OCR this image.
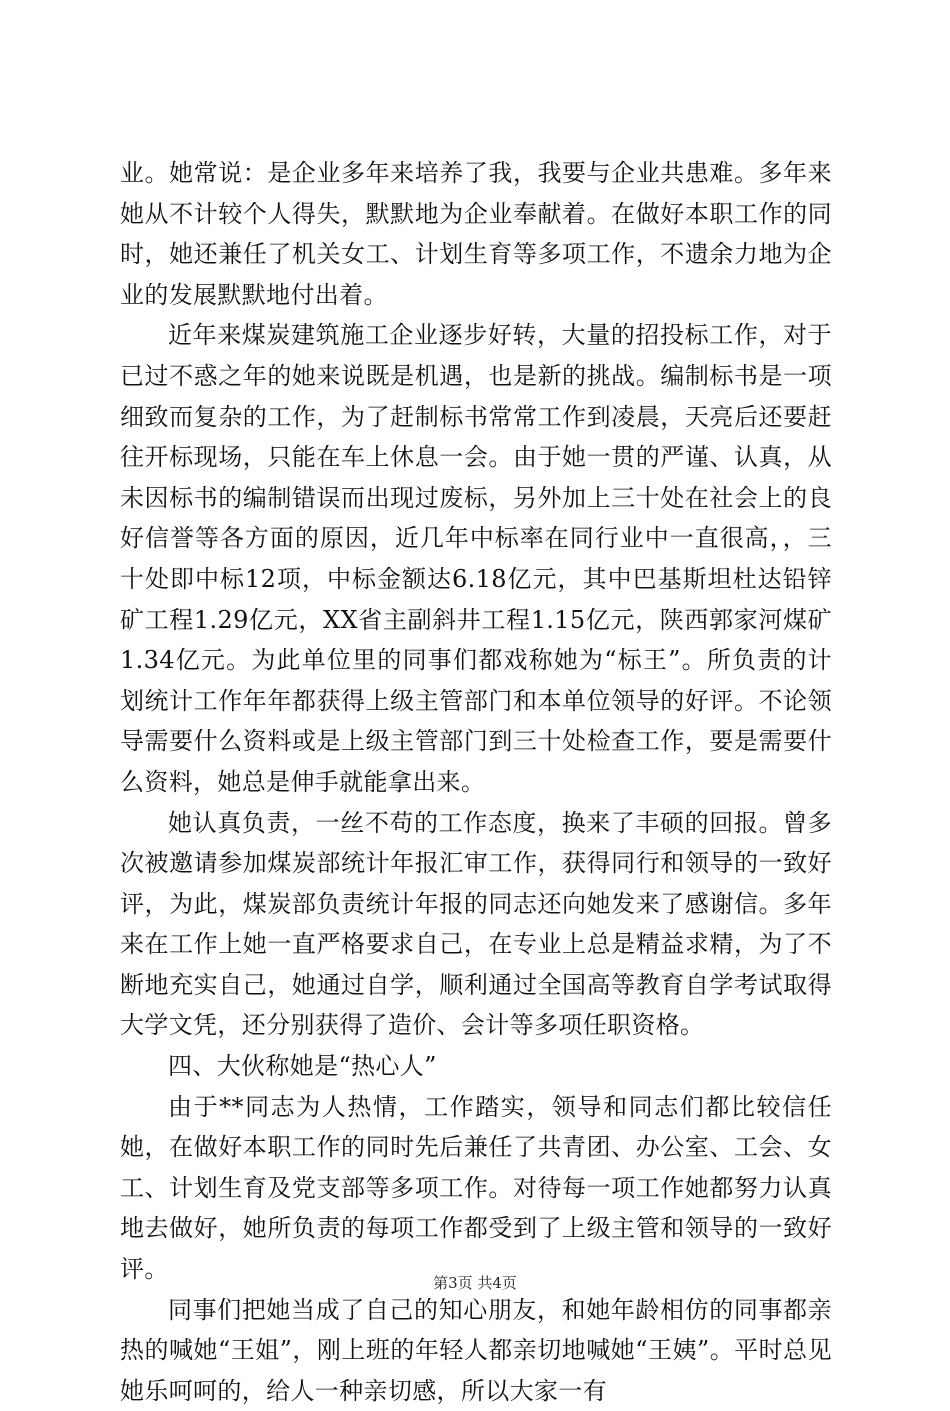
业。她常说：是企业多年来培养了我，我要与企业共患难。多年来她从不计较个人得失，默默地为企业奉献着。在做好本职工作的同时，她还兼任了机关女工、计划生育等多项工作，不遗余力地为企业的发展默默地付出着。

近年来煤炭建筑施工企业逐步好转，大量的招投标工作，对于已过不惑之年的她来说既是机遇，也是新的挑战。编制标书是一项细致而复杂的工作，为了赶制标书常常工作到凌晨，天亮后还要赶往开标现场，只能在车上休息一会。由于她一贯的严谨、认真，从未因标书的编制错误而出现过废标，另外加上三十处在社会上的良好信誉等各方面的原因，近几年中标率在同行业中一直很高，，三十处即中标12项，中标金额达6.18亿元，其中巴基斯坦杜达铅锌矿工程1.29亿元，XX省主副斜井工程1.15亿元，陕西郭家河煤矿1.34亿元。为此单位里的同事们都戏称她为“标王”。所负责的计划统计工作年年都获得上级主管部门和本单位领导的好评。不论领导需要什么资料或是上级主管部门到三十处检查工作，要是需要什么资料，她总是伸手就能拿出来。

她认真负责，一丝不苟的工作态度，换来了丰硕的回报。曾多次被邀请参加煤炭部统计年报汇审工作，获得同行和领导的一致好评，为此，煤炭部负责统计年报的同志还向她发来了感谢信。多年来在工作上她一直严格要求自己，在专业上总是精益求精，为了不断地充实自己，她通过自学，顺利通过全国高等教育自学考试取得大学文凭，还分别获得了造价、会计等多项任职资格。

四、大伙称她是“热心人”

由于**同志为人热情，工作踏实，领导和同志们都比较信任她，在做好本职工作的同时先后兼任了共青团、办公室、工会、女工、计划生育及党支部等多项工作。对待每一项工作她都努力认真地去做好，她所负责的每项工作都受到了上级主管和领导的一致好评。

同事们把她当成了自己的知心朋友，和她年龄相仿的同事都亲热的喊她“王姐”，刚上班的年轻人都亲切地喊她“王姨”。平时总见她乐呵呵的，给人一种亲切感，所以大家一有

第3页 共4页
